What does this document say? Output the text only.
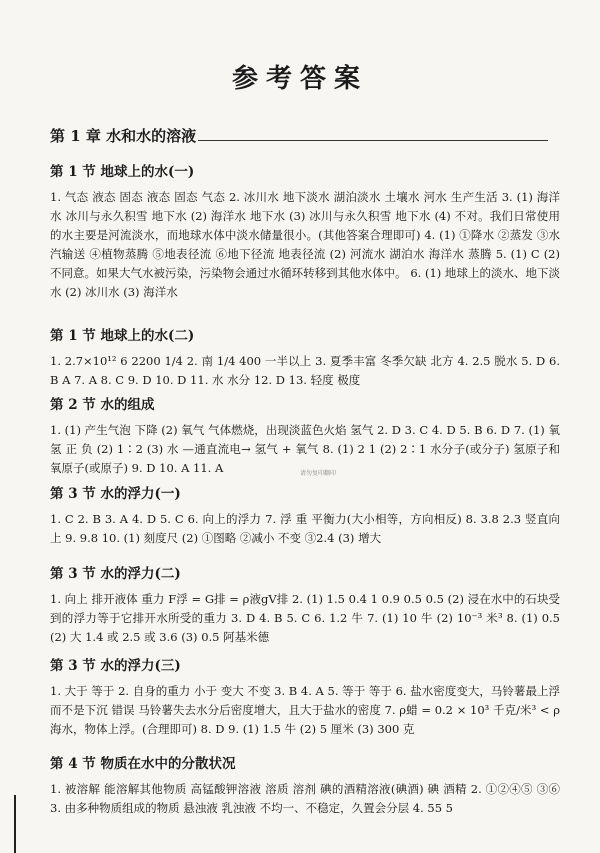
参考答案
第 1 章 水和水的溶液
第 1 节 地球上的水(一)
1. 气态 液态 固态 液态 固态 气态 2. 冰川水 地下淡水 湖泊淡水 土壤水 河水 生产生活 3. (1) 海洋水 冰川与永久积雪 地下水 (2) 海洋水 地下水 (3) 冰川与永久积雪 地下水 (4) 不对。我们日常使用的水主要是河流淡水，而地球水体中淡水储量很小。(其他答案合理即可) 4. (1) ①降水 ②蒸发 ③水汽输送 ④植物蒸腾 ⑤地表径流 ⑥地下径流 地表径流 (2) 河流水 湖泊水 海洋水 蒸腾 5. (1) C (2) 不同意。如果大气水被污染，污染物会通过水循环转移到其他水体中。 6. (1) 地球上的淡水、地下淡水 (2) 冰川水 (3) 海洋水
第 1 节 地球上的水(二)
1. 2.7×10¹² 6 2200 1/4 2. 南 1/4 400 一半以上 3. 夏季丰富 冬季欠缺 北方 4. 2.5 脱水 5. D 6. B A 7. A 8. C 9. D 10. D 11. 水 水分 12. D 13. 轻度 极度
第 2 节 水的组成
1. (1) 产生气泡 下降 (2) 氧气 气体燃烧，出现淡蓝色火焰 氢气 2. D 3. C 4. D 5. B 6. D 7. (1) 氧 氢 正 负 (2) 1∶2 (3) 水 —通直流电→ 氢气 + 氧气 8. (1) 2 1 (2) 2∶1 水分子(或分子) 氢原子和氧原子(或原子) 9. D 10. A 11. A	请勿复印翻印
第 3 节 水的浮力(一)
1. C 2. B 3. A 4. D 5. C 6. 向上的浮力 7. 浮 重 平衡力(大小相等，方向相反) 8. 3.8 2.3 竖直向上 9. 9.8 10. (1) 刻度尺 (2) ①图略 ②减小 不变 ③2.4 (3) 增大
第 3 节 水的浮力(二)
1. 向上 排开液体 重力 F浮 = G排 = ρ液gV排 2. (1) 1.5 0.4 1 0.9 0.5 0.5 (2) 浸在水中的石块受到的浮力等于它排开水所受的重力 3. D 4. B 5. C 6. 1.2 牛 7. (1) 10 牛 (2) 10⁻³ 米³ 8. (1) 0.5 (2) 大 1.4 或 2.5 或 3.6 (3) 0.5 阿基米德
第 3 节 水的浮力(三)
1. 大于 等于 2. 自身的重力 小于 变大 不变 3. B 4. A 5. 等于 等于 6. 盐水密度变大，马铃薯最上浮而不是下沉 错误 马铃薯失去水分后密度增大，且大于盐水的密度 7. ρ蜡 = 0.2 × 10³ 千克/米³ < ρ海水，物体上浮。(合理即可) 8. D 9. (1) 1.5 牛 (2) 5 厘米 (3) 300 克
第 4 节 物质在水中的分散状况
1. 被溶解 能溶解其他物质 高锰酸钾溶液 溶质 溶剂 碘的酒精溶液(碘酒) 碘 酒精 2. ①②④⑤ ③⑥ 3. 由多种物质组成的物质 悬浊液 乳浊液 不均一、不稳定，久置会分层 4. 55 5
